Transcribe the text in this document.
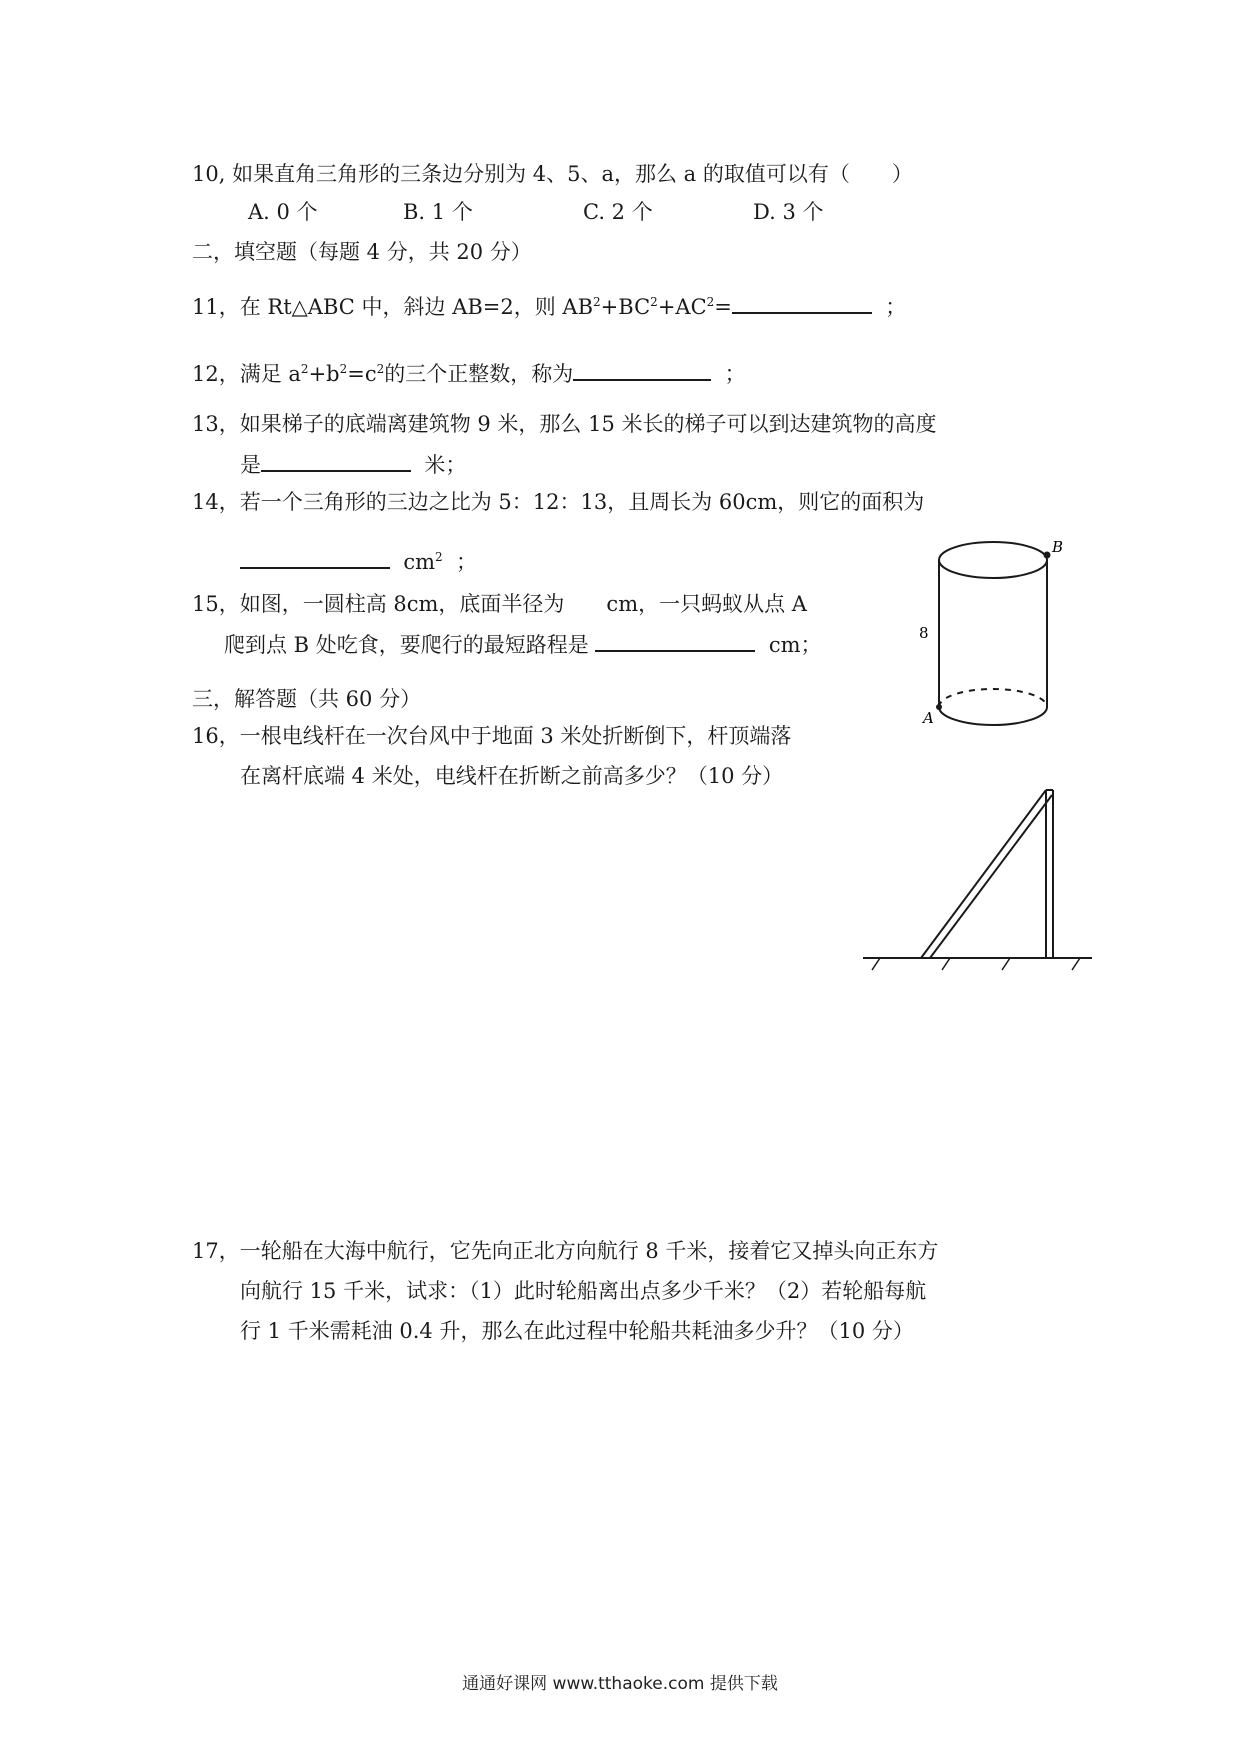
10, 如果直角三角形的三条边分别为 4、5、a，那么 a 的取值可以有（　　）
A. 0 个	B. 1 个	C. 2 个	D. 3 个
二，填空题（每题 4 分，共 20 分）
11，在 Rt△ABC 中，斜边 AB=2，则 $AB^2+BC^2+AC^2=$	；
12，满足 $a^2+b^2=c^2$的三个正整数，称为	；
13，如果梯子的底端离建筑物 9 米，那么 15 米长的梯子可以到达建筑物的高度
是	米；
14，若一个三角形的三边之比为 5：12：13，且周长为 60cm，则它的面积为
$cm^2$ ；
15，如图，一圆柱高 8cm，底面半径为　　cm，一只蚂蚁从点 A
爬到点 B 处吃食，要爬行的最短路程是	cm；
B
A
8
三，解答题（共 60 分）
16，一根电线杆在一次台风中于地面 3 米处折断倒下，杆顶端落
在离杆底端 4 米处，电线杆在折断之前高多少？（10 分）
17，一轮船在大海中航行，它先向正北方向航行 8 千米，接着它又掉头向正东方
向航行 15 千米，试求：（1）此时轮船离出点多少千米？（2）若轮船每航
行 1 千米需耗油 0.4 升，那么在此过程中轮船共耗油多少升？（10 分）
通通好课网 www.tthaoke.com 提供下载
